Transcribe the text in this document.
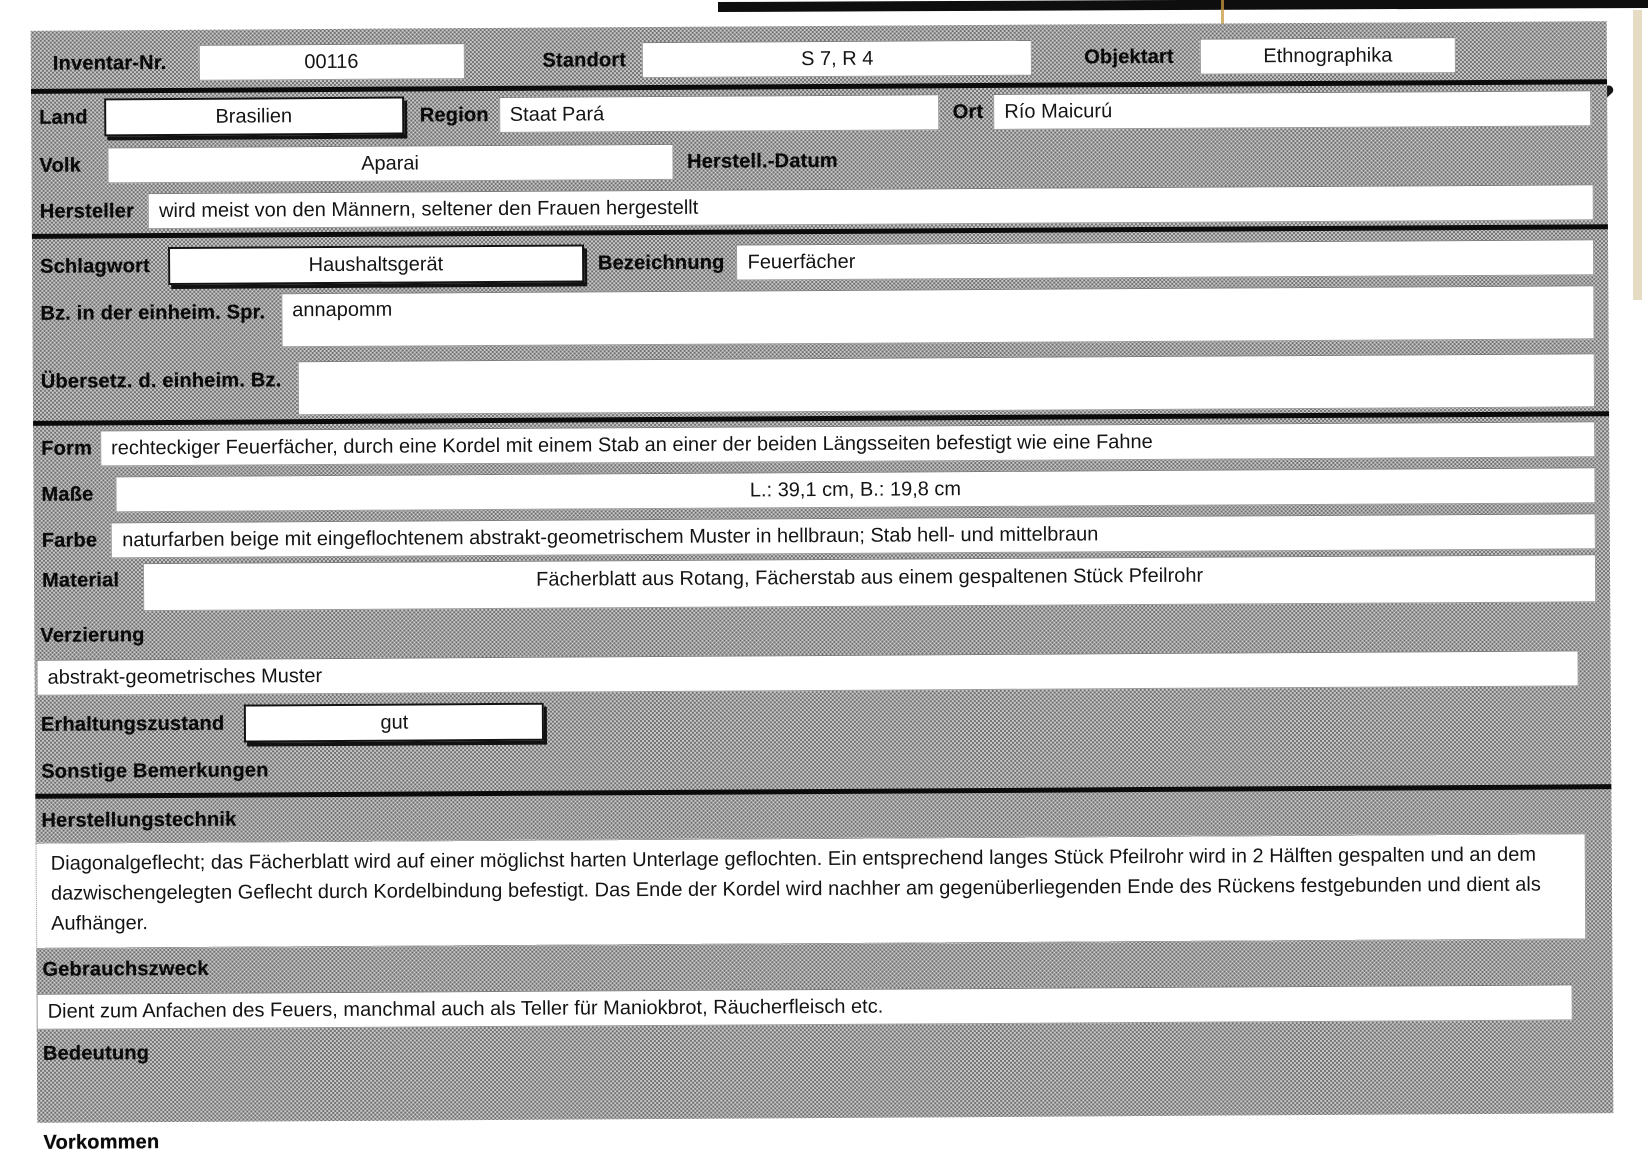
Inventar-Nr.	00116	Standort	S 7, R 4	Objektart	Ethnographika
Land	Brasilien	Region	Staat Pará	Ort	Río Maicurú
Volk	Aparai	Herstell.-Datum
Hersteller	wird meist von den Männern, seltener den Frauen hergestellt
Schlagwort	Haushaltsgerät	Bezeichnung	Feuerfächer
Bz. in der einheim. Spr.	annapomm
Übersetz. d. einheim. Bz.
Form rechteckiger Feuerfächer, durch eine Kordel mit einem Stab an einer der beiden Längsseiten befestigt wie eine Fahne
Maße	L.: 39,1 cm, B.: 19,8 cm
Farbe	naturfarben beige mit eingeflochtenem abstrakt-geometrischem Muster in hellbraun; Stab hell- und mittelbraun
Material	Fächerblatt aus Rotang, Fächerstab aus einem gespaltenen Stück Pfeilrohr
Verzierung
abstrakt-geometrisches Muster
Erhaltungszustand	gut
Sonstige Bemerkungen
Herstellungstechnik
Diagonalgeflecht; das Fächerblatt wird auf einer möglichst harten Unterlage geflochten. Ein entsprechend langes Stück Pfeilrohr wird in 2 Hälften gespalten und an dem dazwischengelegten Geflecht durch Kordelbindung befestigt. Das Ende der Kordel wird nachher am gegenüberliegenden Ende des Rückens festgebunden und dient als Aufhänger.
Gebrauchszweck
Dient zum Anfachen des Feuers, manchmal auch als Teller für Maniokbrot, Räucherfleisch etc.
Bedeutung
Vorkommen
